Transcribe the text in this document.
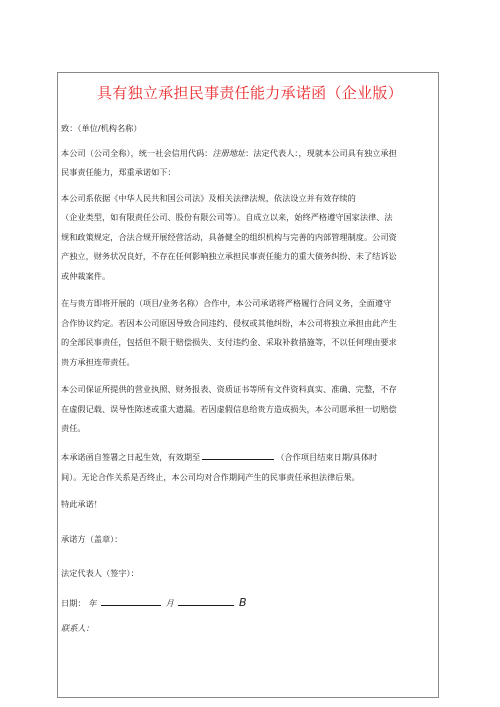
具有独立承担民事责任能力承诺函（企业版）
致：（单位/机构名称）
本公司（公司全称），统一社会信用代码：注册地址：法定代表人：，现就本公司具有独立承担
民事责任能力，郑重承诺如下：
本公司系依据《中华人民共和国公司法》及相关法律法规，依法设立并有效存续的
（企业类型，如有限责任公司、股份有限公司等）。自成立以来，始终严格遵守国家法律、法
规和政策规定，合法合规开展经营活动，具备健全的组织机构与完善的内部管理制度。公司资
产独立，财务状况良好，不存在任何影响独立承担民事责任能力的重大债务纠纷、未了结诉讼
或仲裁案件。
在与贵方即将开展的（项目/业务名称）合作中，本公司承诺将严格履行合同义务，全面遵守
合作协议约定。若因本公司原因导致合同违约、侵权或其他纠纷，本公司将独立承担由此产生
的全部民事责任，包括但不限于赔偿损失、支付违约金、采取补救措施等，不以任何理由要求
贵方承担连带责任。
本公司保证所提供的营业执照、财务报表、资质证书等所有文件资料真实、准确、完整，不存
在虚假记载、误导性陈述或重大遗漏。若因虚假信息给贵方造成损失，本公司愿承担一切赔偿
责任。
本承诺函自签署之日起生效，有效期至	（合作项目结束日期/具体时
间）。无论合作关系是否终止，本公司均对合作期间产生的民事责任承担法律后果。
特此承诺！
承诺方（盖章）：
法定代表人（签字）：
日期： 年	月	B
联系人：
